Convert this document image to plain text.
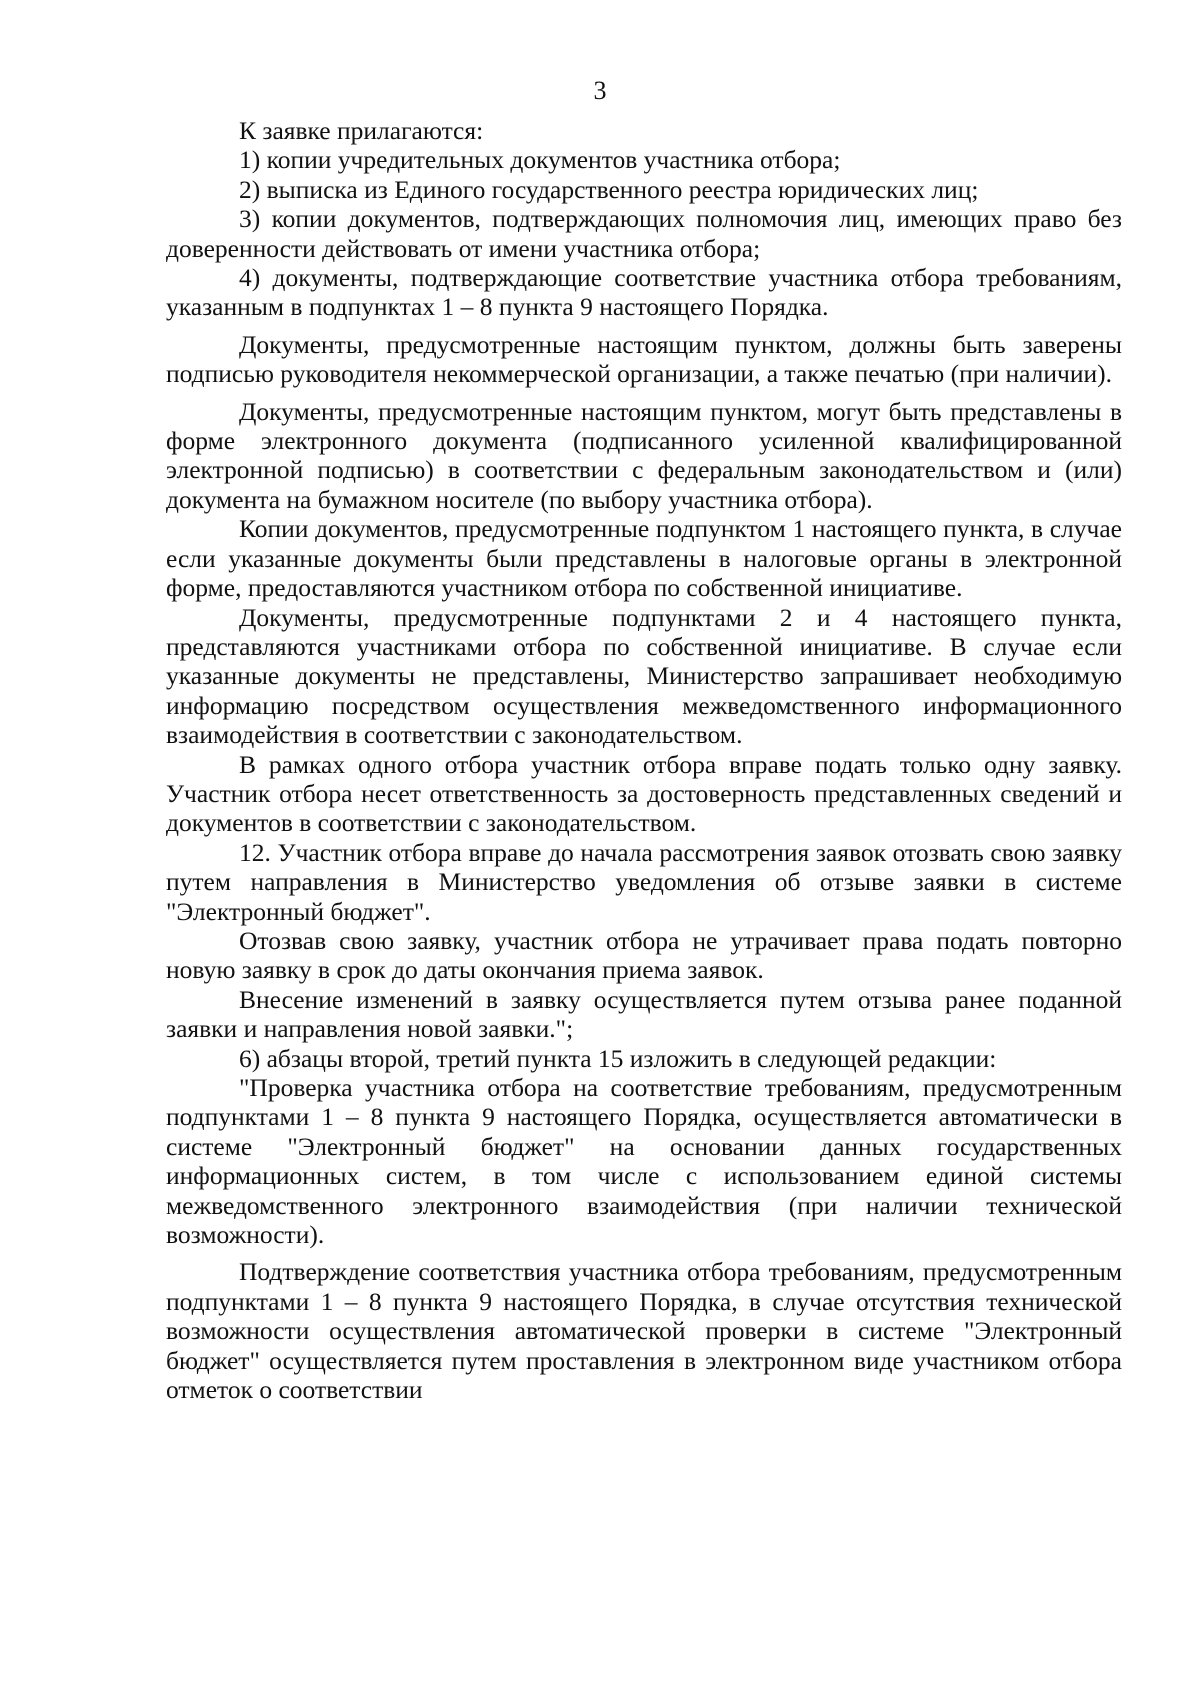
3

К заявке прилагаются:

1) копии учредительных документов участника отбора;

2) выписка из Единого государственного реестра юридических лиц;

3) копии документов, подтверждающих полномочия лиц, имеющих право без доверенности действовать от имени участника отбора;

4) документы, подтверждающие соответствие участника отбора требованиям, указанным в подпунктах 1 – 8 пункта 9 настоящего Порядка.

Документы, предусмотренные настоящим пунктом, должны быть заверены подписью руководителя некоммерческой организации, а также печатью (при наличии).

Документы, предусмотренные настоящим пунктом, могут быть представлены в форме электронного документа (подписанного усиленной квалифицированной электронной подписью) в соответствии с федеральным законодательством и (или) документа на бумажном носителе (по выбору участника отбора).

Копии документов, предусмотренные подпунктом 1 настоящего пункта, в случае если указанные документы были представлены в налоговые органы в электронной форме, предоставляются участником отбора по собственной инициативе.

Документы, предусмотренные подпунктами 2 и 4 настоящего пункта, представляются участниками отбора по собственной инициативе. В случае если указанные документы не представлены, Министерство запрашивает необходимую информацию посредством осуществления межведомственного информационного взаимодействия в соответствии с законодательством.

В рамках одного отбора участник отбора вправе подать только одну заявку. Участник отбора несет ответственность за достоверность представленных сведений и документов в соответствии с законодательством.

12. Участник отбора вправе до начала рассмотрения заявок отозвать свою заявку путем направления в Министерство уведомления об отзыве заявки в системе "Электронный бюджет".

Отозвав свою заявку, участник отбора не утрачивает права подать повторно новую заявку в срок до даты окончания приема заявок.

Внесение изменений в заявку осуществляется путем отзыва ранее поданной заявки и направления новой заявки.";

6) абзацы второй, третий пункта 15 изложить в следующей редакции:

"Проверка участника отбора на соответствие требованиям, предусмотренным подпунктами 1 – 8 пункта 9 настоящего Порядка, осуществляется автоматически в системе "Электронный бюджет" на основании данных государственных информационных систем, в том числе с использованием единой системы межведомственного электронного взаимодействия (при наличии технической возможности).

Подтверждение соответствия участника отбора требованиям, предусмотренным подпунктами 1 – 8 пункта 9 настоящего Порядка, в случае отсутствия технической возможности осуществления автоматической проверки в системе "Электронный бюджет" осуществляется путем проставления в электронном виде участником отбора отметок о соответствии
